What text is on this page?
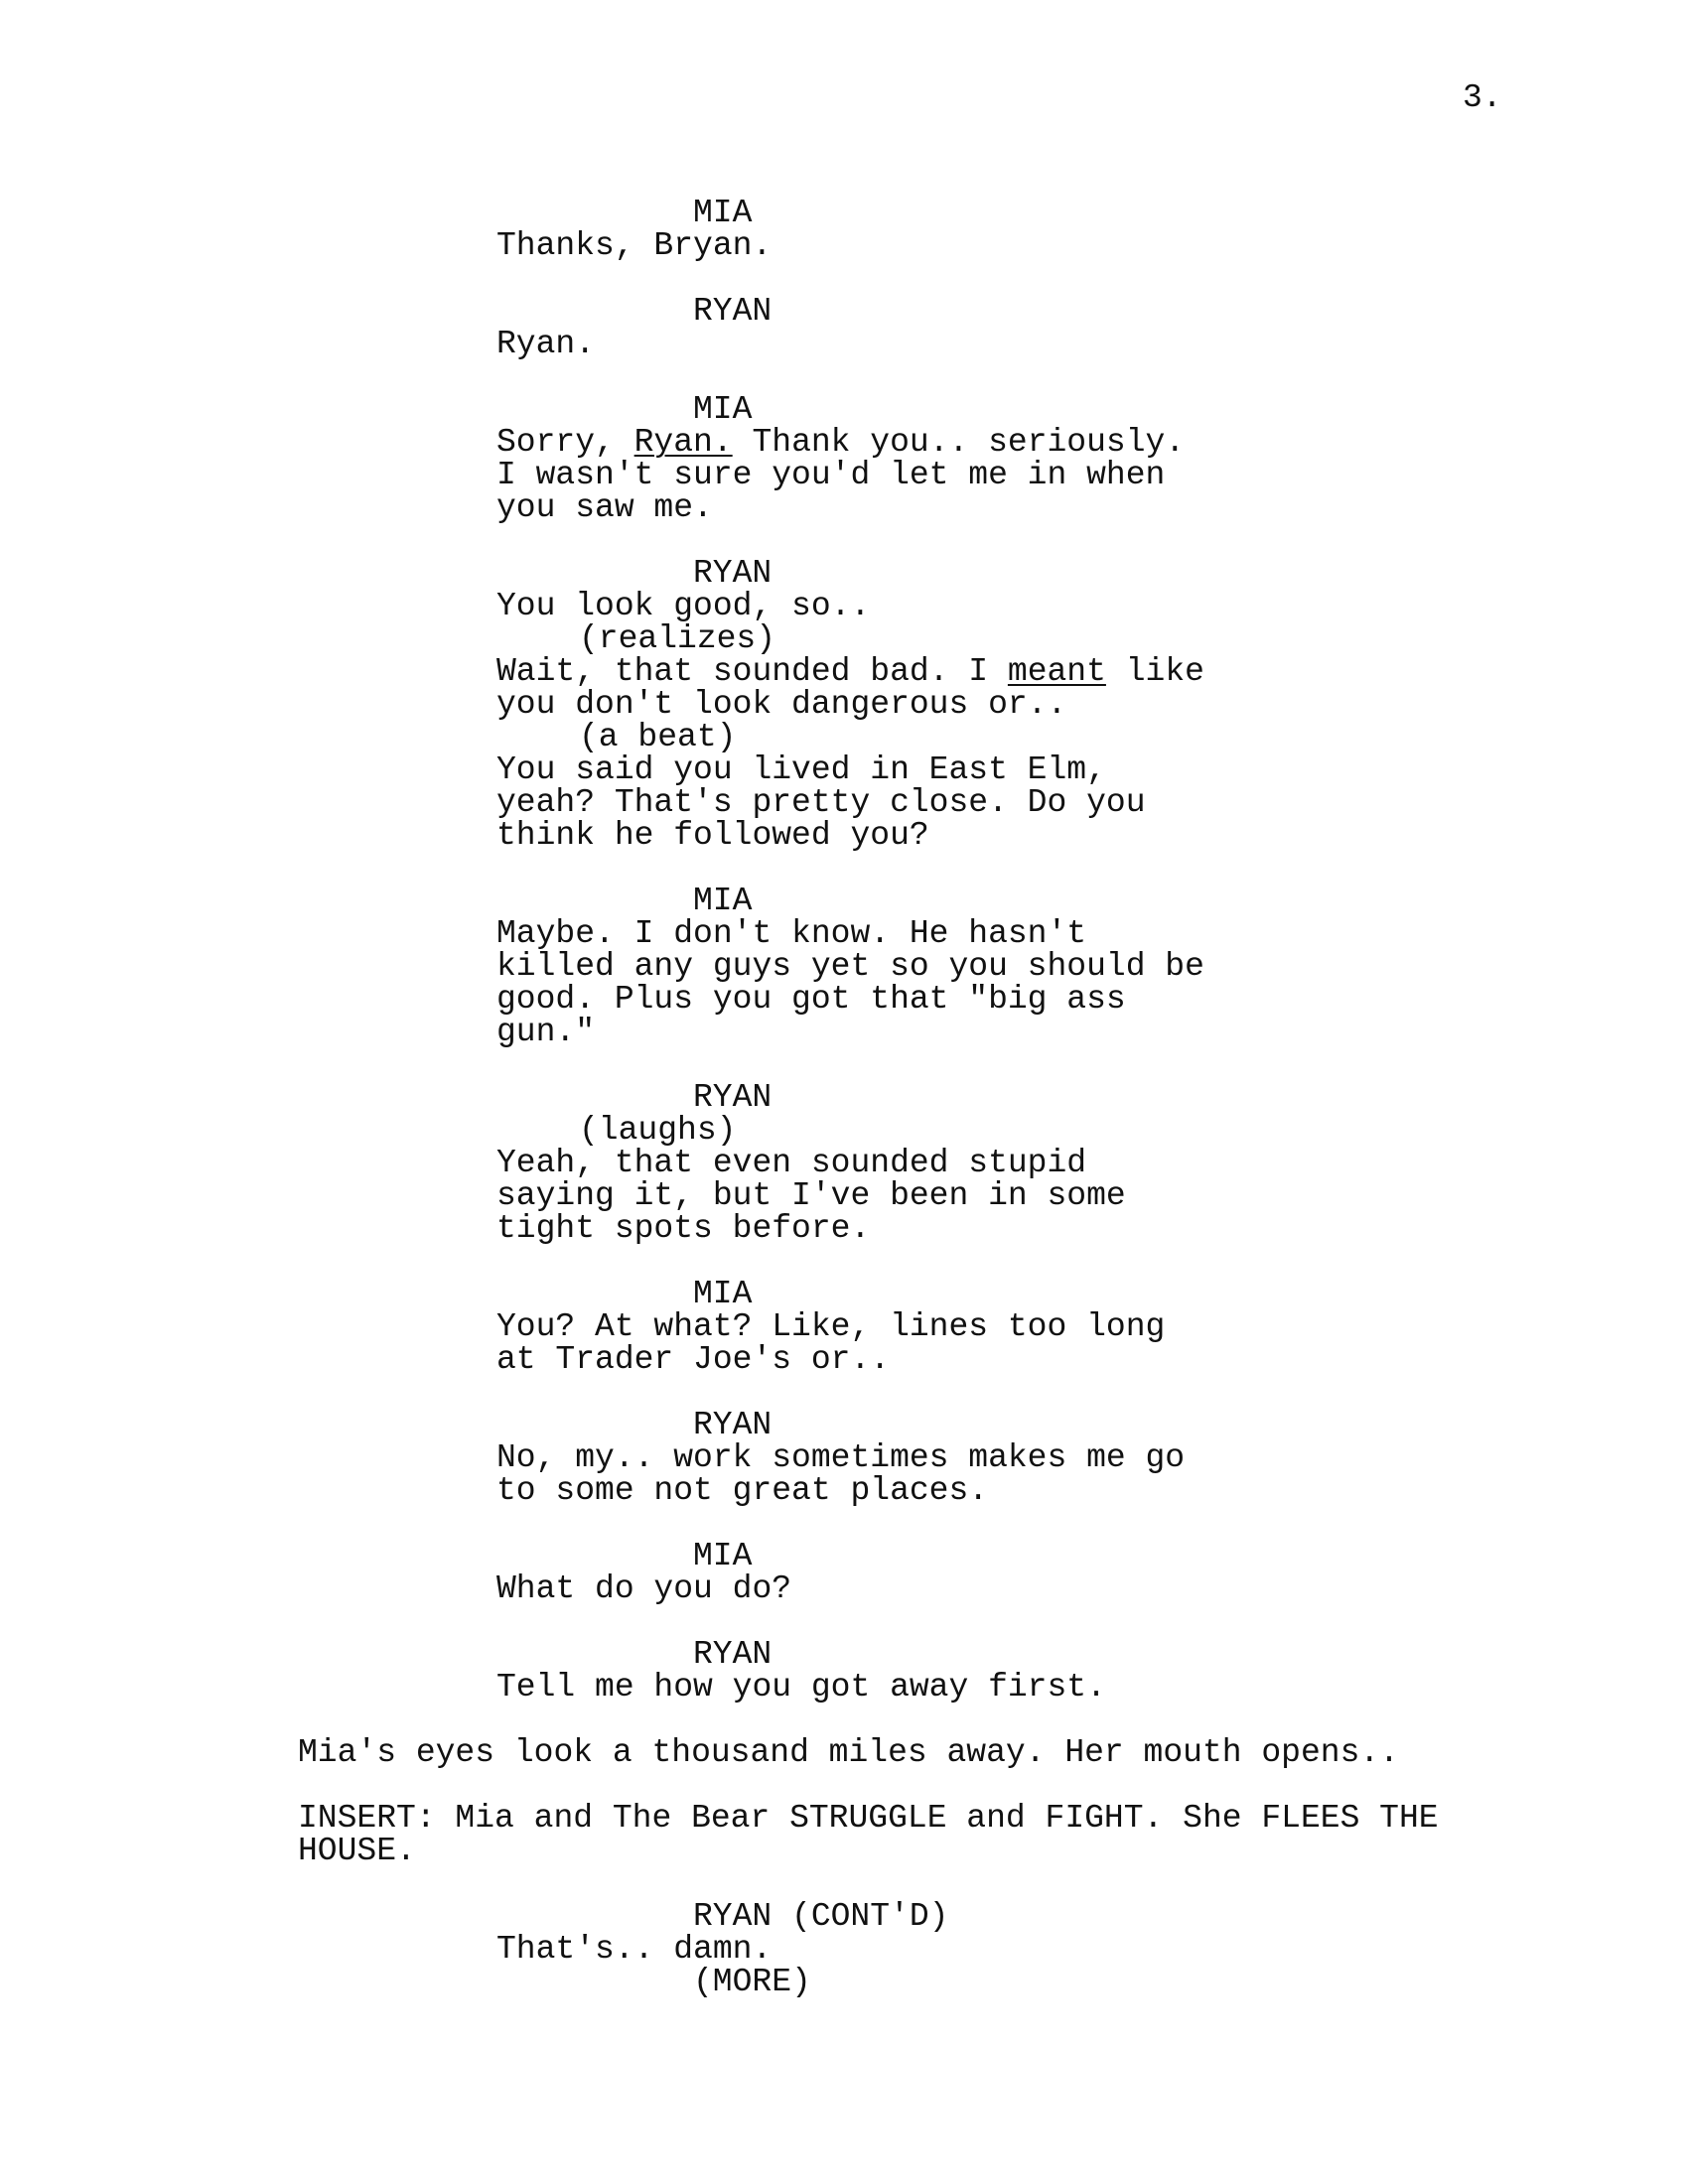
3.
MIA
Thanks, Bryan.
RYAN
Ryan.
MIA
Sorry, Ryan. Thank you.. seriously.
I wasn't sure you'd let me in when
you saw me.
RYAN
You look good, so..
(realizes)
Wait, that sounded bad. I meant like
you don't look dangerous or..
(a beat)
You said you lived in East Elm,
yeah? That's pretty close. Do you
think he followed you?
MIA
Maybe. I don't know. He hasn't
killed any guys yet so you should be
good. Plus you got that "big ass
gun."
RYAN
(laughs)
Yeah, that even sounded stupid
saying it, but I've been in some
tight spots before.
MIA
You? At what? Like, lines too long
at Trader Joe's or..
RYAN
No, my.. work sometimes makes me go
to some not great places.
MIA
What do you do?
RYAN
Tell me how you got away first.
Mia's eyes look a thousand miles away. Her mouth opens..
INSERT: Mia and The Bear STRUGGLE and FIGHT. She FLEES THE
HOUSE.
RYAN (CONT'D)
That's.. damn.
(MORE)
